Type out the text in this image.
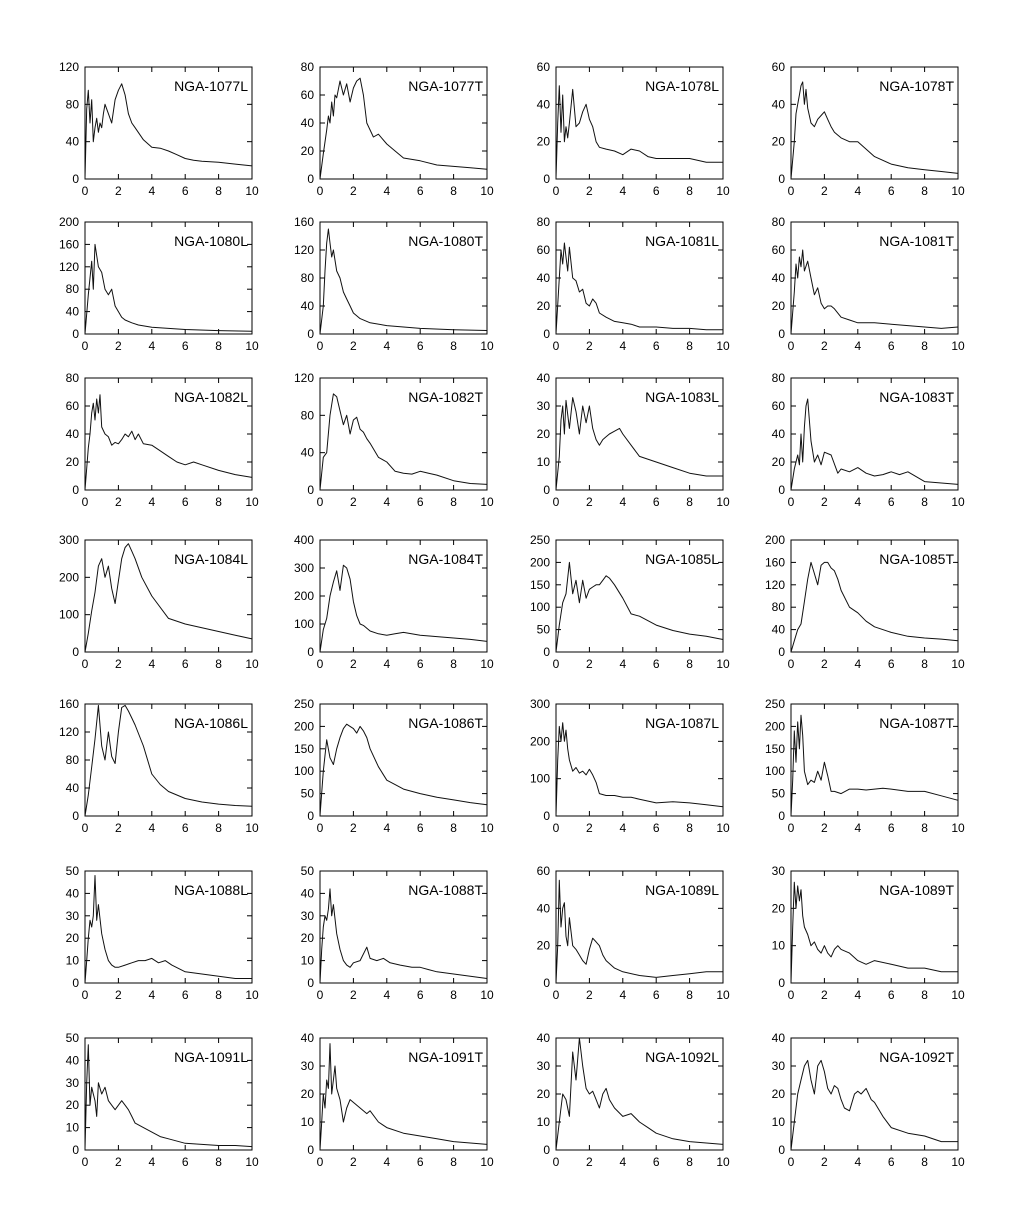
0 2 4 6 8 10
0
40
80
120
NGA-1077L
0 2 4 6 8 10
0
20
40
60
80
NGA-1077T
0 2 4 6 8 10
0
20
40
60
NGA-1078L
0 2 4 6 8 10
0
20
40
60
NGA-1078T
0 2 4 6 8 10
0
40
80
120
160
200
NGA-1080L
0 2 4 6 8 10
0
40
80
120
160
NGA-1080T
0 2 4 6 8 10
0
20
40
60
80
NGA-1081L
0 2 4 6 8 10
0
20
40
60
80
NGA-1081T
0 2 4 6 8 10
0
20
40
60
80
NGA-1082L
0 2 4 6 8 10
0
40
80
120
NGA-1082T
0 2 4 6 8 10
0
10
20
30
40
NGA-1083L
0 2 4 6 8 10
0
20
40
60
80
NGA-1083T
0 2 4 6 8 10
0
100
200
300
NGA-1084L
0 2 4 6 8 10
0
100
200
300
400
NGA-1084T
0 2 4 6 8 10
0
50
100
150
200
250
NGA-1085L
0 2 4 6 8 10
0
40
80
120
160
200
NGA-1085T
0 2 4 6 8 10
0
40
80
120
160
NGA-1086L
0 2 4 6 8 10
0
50
100
150
200
250
NGA-1086T
0 2 4 6 8 10
0
100
200
300
NGA-1087L
0 2 4 6 8 10
0
50
100
150
200
250
NGA-1087T
0 2 4 6 8 10
0
10
20
30
40
50
NGA-1088L
0 2 4 6 8 10
0
10
20
30
40
50
NGA-1088T
0 2 4 6 8 10
0
20
40
60
NGA-1089L
0 2 4 6 8 10
0
10
20
30
NGA-1089T
0 2 4 6 8 10
0
10
20
30
40
50
NGA-1091L
0 2 4 6 8 10
0
10
20
30
40
NGA-1091T
0 2 4 6 8 10
0
10
20
30
40
NGA-1092L
0 2 4 6 8 10
0
10
20
30
40
NGA-1092T
